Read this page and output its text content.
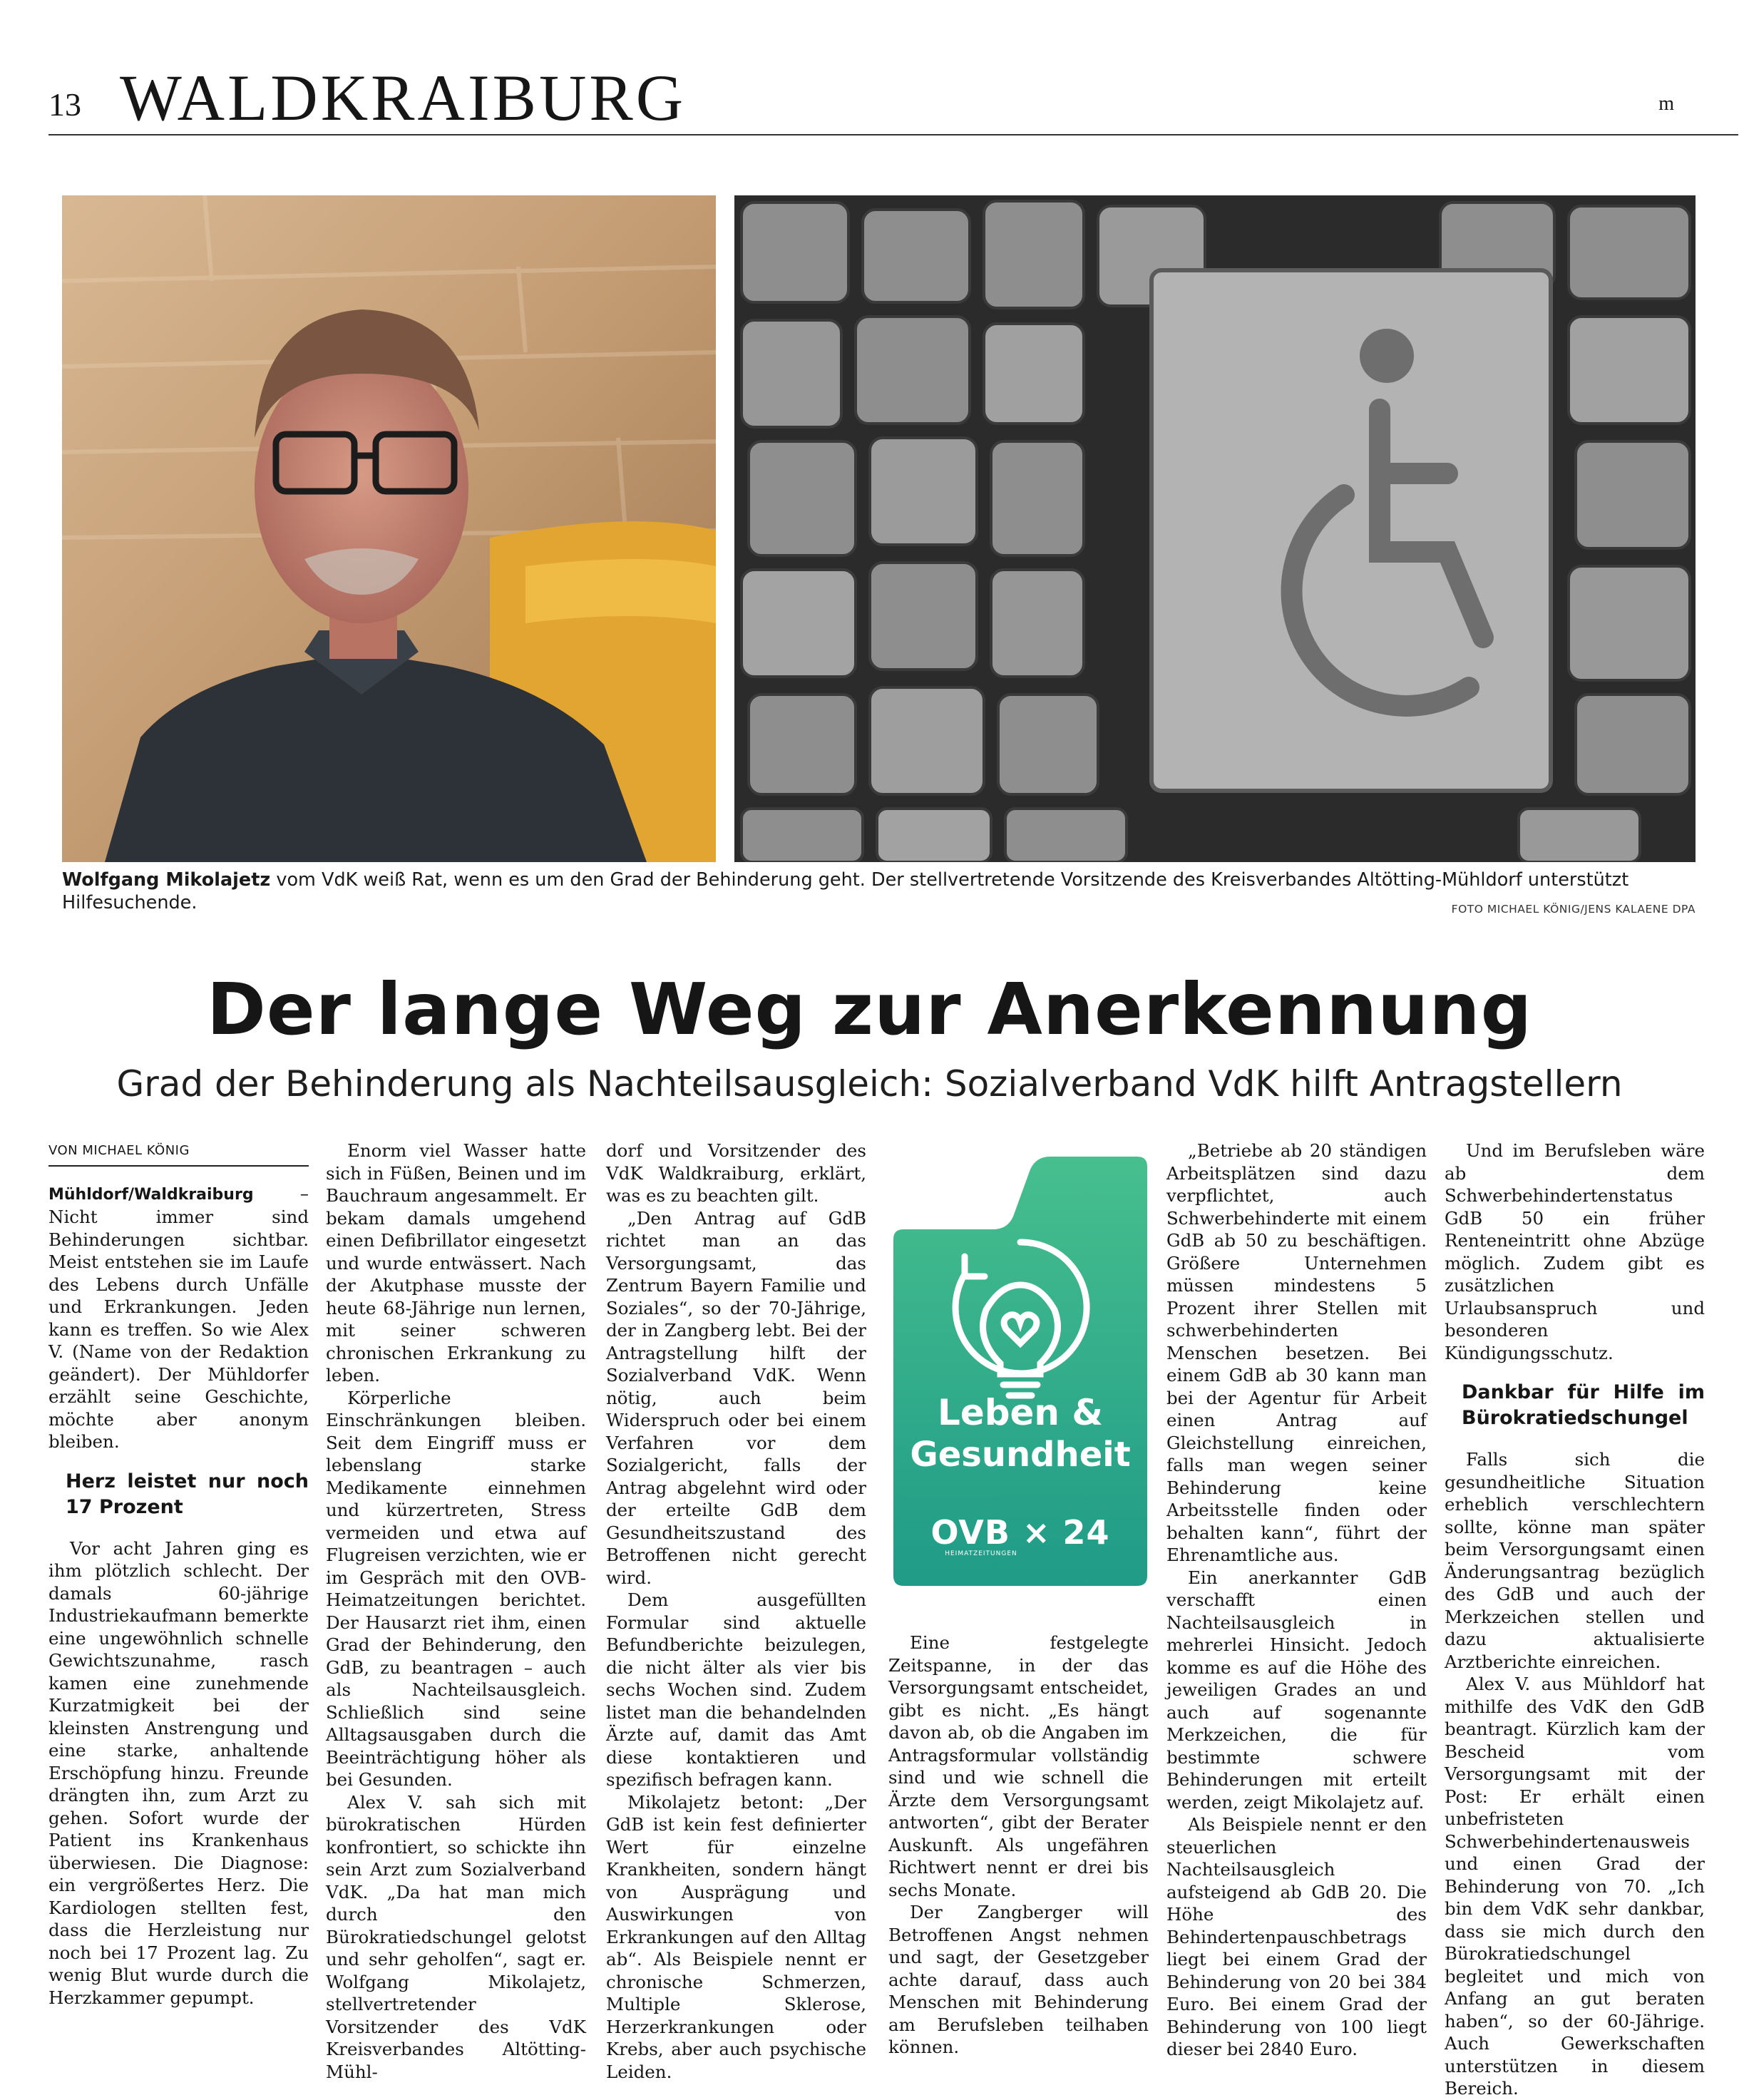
13 WALDKRAIBURG	m
Wolfgang Mikolajetz vom VdK weiß Rat, wenn es um den Grad der Behinderung geht. Der stellvertretende Vorsitzende des Kreisverbandes Altötting-Mühldorf unterstützt Hilfesuchende.	FOTO MICHAEL KÖNIG/JENS KALAENE DPA
Der lange Weg zur Anerkennung
Grad der Behinderung als Nachteilsausgleich: Sozialverband VdK hilft Antragstellern
VON MICHAEL KÖNIG

Mühldorf/Waldkraiburg – Nicht immer sind Behinderungen sichtbar. Meist entstehen sie im Laufe des Lebens durch Unfälle und Erkrankungen. Jeden kann es treffen. So wie Alex V. (Name von der Redaktion geändert). Der Mühldorfer erzählt seine Geschichte, möchte aber anonym bleiben.

Herz leistet nur noch 17 Prozent

Vor acht Jahren ging es ihm plötzlich schlecht. Der damals 60-jährige Industriekaufmann bemerkte eine ungewöhnlich schnelle Gewichtszunahme, rasch kamen eine zunehmende Kurzatmigkeit bei der kleinsten Anstrengung und eine starke, anhaltende Erschöpfung hinzu. Freunde drängten ihn, zum Arzt zu gehen. Sofort wurde der Patient ins Krankenhaus überwiesen. Die Diagnose: ein vergrößertes Herz. Die Kardiologen stellten fest, dass die Herzleistung nur noch bei 17 Prozent lag. Zu wenig Blut wurde durch die Herzkammer gepumpt.

Enorm viel Wasser hatte sich in Füßen, Beinen und im Bauchraum angesammelt. Er bekam damals umgehend einen Defibrillator eingesetzt und wurde entwässert. Nach der Akutphase musste der heute 68-Jährige nun lernen, mit seiner schweren chronischen Erkrankung zu leben.

Körperliche Einschränkungen bleiben. Seit dem Eingriff muss er lebenslang starke Medikamente einnehmen und kürzertreten, Stress vermeiden und etwa auf Flugreisen verzichten, wie er im Gespräch mit den OVB-Heimatzeitungen berichtet. Der Hausarzt riet ihm, einen Grad der Behinderung, den GdB, zu beantragen – auch als Nachteilsausgleich. Schließlich sind seine Alltagsausgaben durch die Beeinträchtigung höher als bei Gesunden.

Alex V. sah sich mit bürokratischen Hürden konfrontiert, so schickte ihn sein Arzt zum Sozialverband VdK. „Da hat man mich durch den Bürokratiedschungel gelotst und sehr geholfen“, sagt er. Wolfgang Mikolajetz, stellvertretender Vorsitzender des VdK Kreisverbandes Altötting-Mühl-

dorf und Vorsitzender des VdK Waldkraiburg, erklärt, was es zu beachten gilt.

„Den Antrag auf GdB richtet man an das Versorgungsamt, das Zentrum Bayern Familie und Soziales“, so der 70-Jährige, der in Zangberg lebt. Bei der Antragstellung hilft der Sozialverband VdK. Wenn nötig, auch beim Widerspruch oder bei einem Verfahren vor dem Sozialgericht, falls der Antrag abgelehnt wird oder der erteilte GdB dem Gesundheitszustand des Betroffenen nicht gerecht wird.

Dem ausgefüllten Formular sind aktuelle Befundberichte beizulegen, die nicht älter als vier bis sechs Wochen sind. Zudem listet man die behandelnden Ärzte auf, damit das Amt diese kontaktieren und spezifisch befragen kann.

Mikolajetz betont: „Der GdB ist kein fest definierter Wert für einzelne Krankheiten, sondern hängt von Ausprägung und Auswirkungen von Erkrankungen auf den Alltag ab“. Als Beispiele nennt er chronische Schmerzen, Multiple Sklerose, Herzerkrankungen oder Krebs, aber auch psychische Leiden.

Leben &
Gesundheit
OVB × 24
HEIMATZEITUNGEN

Eine festgelegte Zeitspanne, in der das Versorgungsamt entscheidet, gibt es nicht. „Es hängt davon ab, ob die Angaben im Antragsformular vollständig sind und wie schnell die Ärzte dem Versorgungsamt antworten“, gibt der Berater Auskunft. Als ungefähren Richtwert nennt er drei bis sechs Monate.

Der Zangberger will Betroffenen Angst nehmen und sagt, der Gesetzgeber achte darauf, dass auch Menschen mit Behinderung am Berufsleben teilhaben können.

„Betriebe ab 20 ständigen Arbeitsplätzen sind dazu verpflichtet, auch Schwerbehinderte mit einem GdB ab 50 zu beschäftigen. Größere Unternehmen müssen mindestens 5 Prozent ihrer Stellen mit schwerbehinderten Menschen besetzen. Bei einem GdB ab 30 kann man bei der Agentur für Arbeit einen Antrag auf Gleichstellung einreichen, falls man wegen seiner Behinderung keine Arbeitsstelle finden oder behalten kann“, führt der Ehrenamtliche aus.

Ein anerkannter GdB verschafft einen Nachteilsausgleich in mehrerlei Hinsicht. Jedoch komme es auf die Höhe des jeweiligen Grades an und auch auf sogenannte Merkzeichen, die für bestimmte schwere Behinderungen mit erteilt werden, zeigt Mikolajetz auf.

Als Beispiele nennt er den steuerlichen Nachteilsausgleich aufsteigend ab GdB 20. Die Höhe des Behindertenpauschbetrags liegt bei einem Grad der Behinderung von 20 bei 384 Euro. Bei einem Grad der Behinderung von 100 liegt dieser bei 2840 Euro.

Und im Berufsleben wäre ab dem Schwerbehindertenstatus GdB 50 ein früher Renteneintritt ohne Abzüge möglich. Zudem gibt es zusätzlichen Urlaubsanspruch und besonderen Kündigungsschutz.

Dankbar für Hilfe im Bürokratiedschungel

Falls sich die gesundheitliche Situation erheblich verschlechtern sollte, könne man später beim Versorgungsamt einen Änderungsantrag bezüglich des GdB und auch der Merkzeichen stellen und dazu aktualisierte Arztberichte einreichen.

Alex V. aus Mühldorf hat mithilfe des VdK den GdB beantragt. Kürzlich kam der Bescheid vom Versorgungsamt mit der Post: Er erhält einen unbefristeten Schwerbehindertenausweis und einen Grad der Behinderung von 70. „Ich bin dem VdK sehr dankbar, dass sie mich durch den Bürokratiedschungel begleitet und mich von Anfang an gut beraten haben“, so der 60-Jährige. Auch Gewerkschaften unterstützen in diesem Bereich.
